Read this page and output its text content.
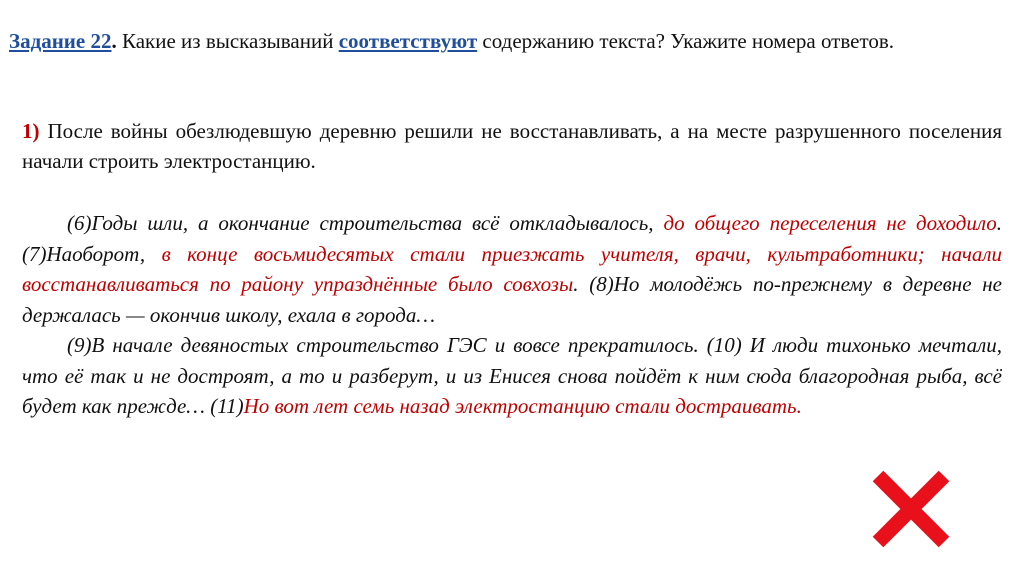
Задание 22. Какие из высказываний соответствуют содержанию текста? Укажите номера ответов.
1) После войны обезлюдевшую деревню решили не восстанавливать, а на месте разрушенного поселения начали строить электростанцию.

(6)Годы шли, а окончание строительства всё откладывалось, до общего переселения не доходило. (7)Наоборот, в конце восьмидесятых стали приезжать учителя, врачи, культработники; начали восстанавливаться по району упразднённые было совхозы. (8)Но молодёжь по-прежнему в деревне не держалась — окончив школу, ехала в города…

(9)В начале девяностых строительство ГЭС и вовсе прекратилось. (10) И люди тихонько мечтали, что её так и не достроят, а то и разберут, и из Енисея снова пойдёт к ним сюда благородная рыба, всё будет как прежде… (11)Но вот лет семь назад электростанцию стали достраивать.
